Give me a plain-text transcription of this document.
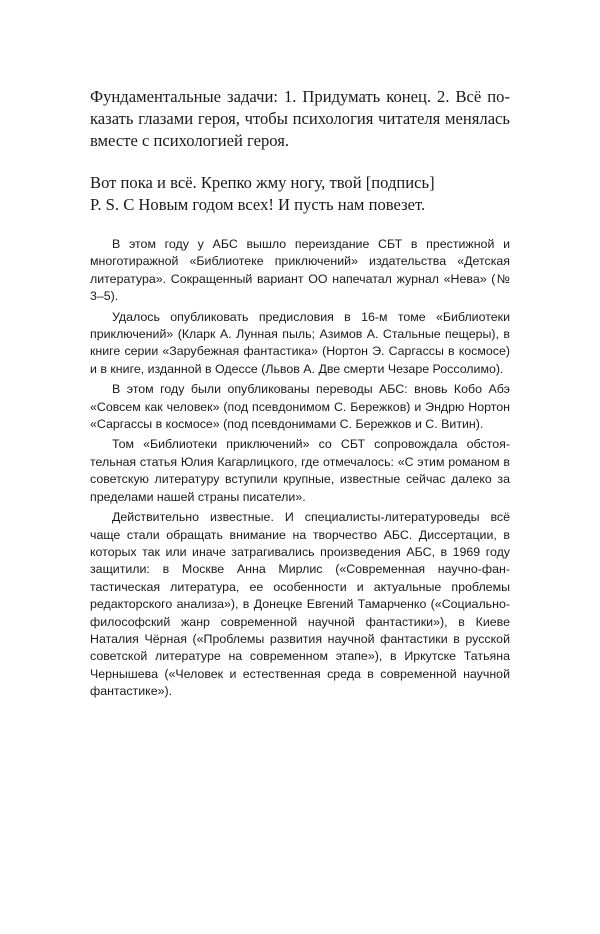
Фундаментальные задачи: 1. Придумать конец. 2. Всё показать глазами героя, чтобы психология читателя менялась вместе с психологией героя.

Вот пока и всё. Крепко жму ногу, твой [подпись]
P. S. С Новым годом всех! И пусть нам повезет.

В этом году у АБС вышло переиздание СБТ в престижной и многотиражной «Библиотеке приключений» издательства «Детская литература». Сокращенный вариант ОО напечатал журнал «Нева» (№ 3–5).

Удалось опубликовать предисловия в 16-м томе «Библиотеки приключений» (Кларк А. Лунная пыль; Азимов А. Стальные пещеры), в книге серии «Зарубежная фантастика» (Нортон Э. Саргассы в космосе) и в книге, изданной в Одессе (Львов А. Две смерти Чезаре Россолимо).

В этом году были опубликованы переводы АБС: вновь Кобо Абэ «Совсем как человек» (под псевдонимом С. Бережков) и Эндрю Нортон «Саргассы в космосе» (под псевдонимами С. Бережков и С. Витин).

Том «Библиотеки приключений» со СБТ сопровождала обстоятельная статья Юлия Кагарлицкого, где отмечалось: «С этим романом в советскую литературу вступили крупные, известные сейчас далеко за пределами нашей страны писатели».

Действительно известные. И специалисты-литературоведы всё чаще стали обращать внимание на творчество АБС. Диссертации, в которых так или иначе затрагивались произведения АБС, в 1969 году защитили: в Москве Анна Мирлис («Современная научно-фантастическая литература, ее особенности и актуальные проблемы редакторского анализа»), в Донецке Евгений Тамарченко («Социально-философский жанр современной научной фантастики»), в Киеве Наталия Чёрная («Проблемы развития научной фантастики в русской советской литературе на современном этапе»), в Иркутске Татьяна Чернышева («Человек и естественная среда в современной научной фантастике»).
